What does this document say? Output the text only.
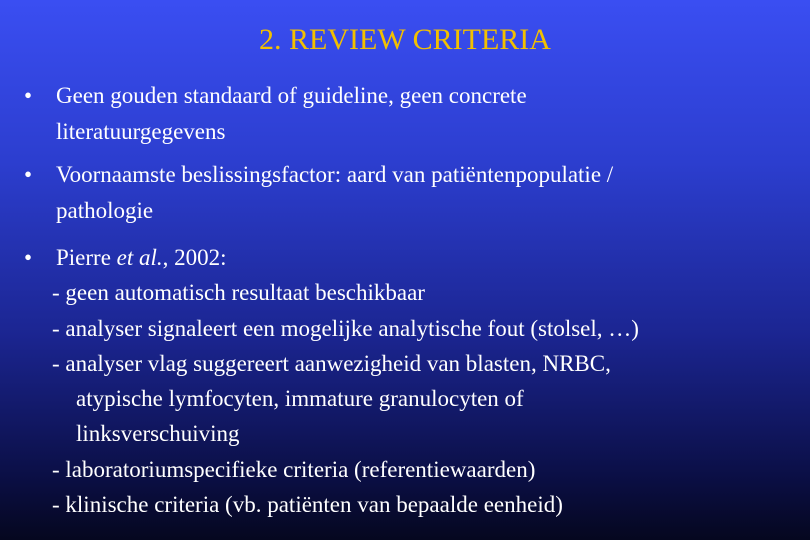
2. REVIEW CRITERIA
• Geen gouden standaard of guideline, geen concrete
literatuurgegevens
• Voornaamste beslissingsfactor: aard van patiëntenpopulatie /
pathologie
• Pierre et al., 2002:
- geen automatisch resultaat beschikbaar
- analyser signaleert een mogelijke analytische fout (stolsel, …)
- analyser vlag suggereert aanwezigheid van blasten, NRBC,
atypische lymfocyten, immature granulocyten of
linksverschuiving
- laboratoriumspecifieke criteria (referentiewaarden)
- klinische criteria (vb. patiënten van bepaalde eenheid)
